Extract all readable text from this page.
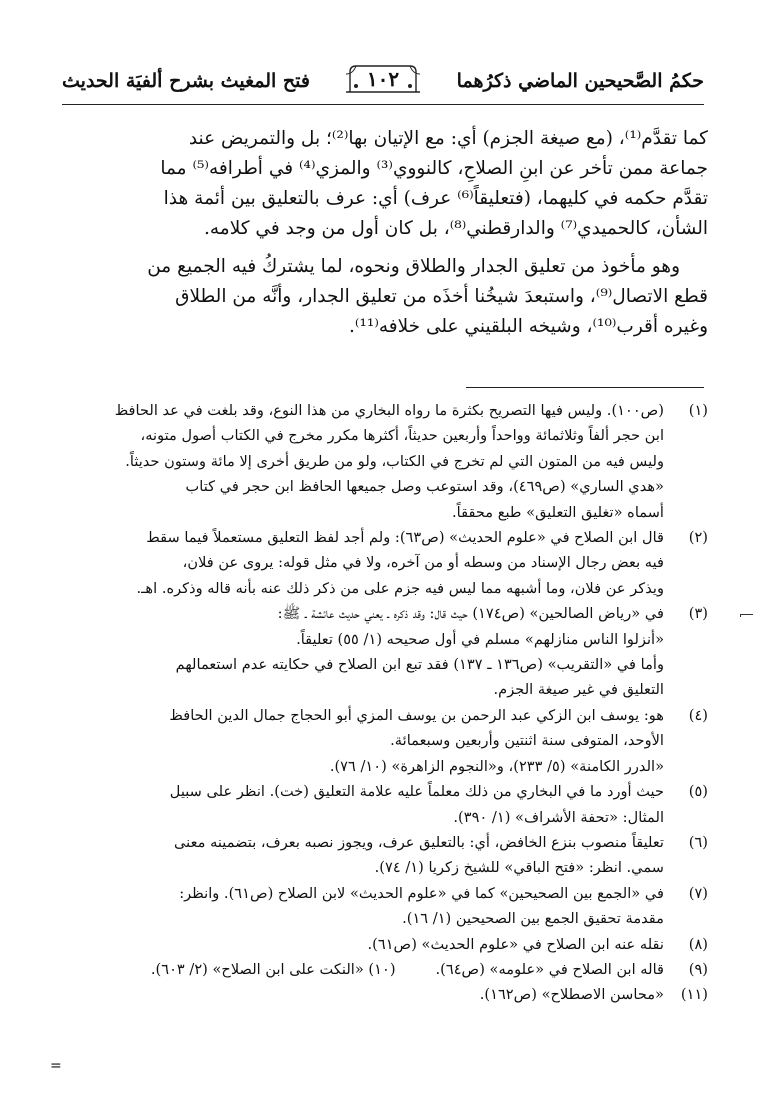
حكمُ الصَّحيحين الماضي ذكرُهما
١٠٢
فتح المغيث بشرح ألفيَة الحديث

كما تقدَّم⁽¹⁾، (مع صيغة الجزم) أي: مع الإتيان بها⁽²⁾؛ بل والتمريض عند

جماعة ممن تأخر عن ابنِ الصلاحِ، كالنووي⁽³⁾ والمزي⁽⁴⁾ في أطرافه⁽⁵⁾ مما

تقدَّم حكمه في كليهما، (فتعليقاً⁽⁶⁾ عرف) أي: عرف بالتعليق بين أئمة هذا

الشأن، كالحميدي⁽⁷⁾ والدارقطني⁽⁸⁾، بل كان أول من وجد في كلامه.

وهو مأخوذ من تعليق الجدار والطلاق ونحوه، لما يشتركُ فيه الجميع من

قطع الاتصال⁽⁹⁾، واستبعدَ شيخُنا أخذَه من تعليق الجدار، وأنَّه من الطلاق

وغيره أقرب⁽¹⁰⁾، وشيخه البلقيني على خلافه⁽¹¹⁾.

(١)
(ص١٠٠). وليس فيها التصريح بكثرة ما رواه البخاري من هذا النوع، وقد بلغت في عد الحافظ
ابن حجر ألفاً وثلاثمائة وواحداً وأربعين حديثاً، أكثرها مكرر مخرج في الكتاب أصول متونه،
وليس فيه من المتون التي لم تخرج في الكتاب، ولو من طريق أخرى إلا مائة وستون حديثاً.
«هدي الساري» (ص٤٦٩)، وقد استوعب وصل جميعها الحافظ ابن حجر في كتاب
أسماه «تغليق التعليق» طبع محققاً.
(٢)
قال ابن الصلاح في «علوم الحديث» (ص٦٣): ولم أجد لفظ التعليق مستعملاً فيما سقط
فيه بعض رجال الإسناد من وسطه أو من آخره، ولا في مثل قوله: يروى عن فلان،
ويذكر عن فلان، وما أشبهه مما ليس فيه جزم على من ذكر ذلك عنه بأنه قاله وذكره. اهـ.
(٣)
في «رياض الصالحين» (ص١٧٤) حيث قال: وقد ذكره ـ يعني حديث عائشة ـ ﷺ:
«أنزلوا الناس منازلهم» مسلم في أول صحيحه (١/ ٥٥) تعليقاً.
وأما في «التقريب» (ص١٣٦ ـ ١٣٧) فقد تبع ابن الصلاح في حكايته عدم استعمالهم
التعليق في غير صيغة الجزم.
(٤)
هو: يوسف ابن الزكي عبد الرحمن بن يوسف المزي أبو الحجاج جمال الدين الحافظ
الأوحد، المتوفى سنة اثنتين وأربعين وسبعمائة.
«الدرر الكامنة» (٥/ ٢٣٣)، و«النجوم الزاهرة» (١٠/ ٧٦).
(٥)
حيث أورد ما في البخاري من ذلك معلماً عليه علامة التعليق (خت). انظر على سبيل
المثال: «تحفة الأشراف» (١/ ٣٩٠).
(٦)
تعليقاً منصوب بنزع الخافض، أي: بالتعليق عرف، ويجوز نصبه بعرف، بتضمينه معنى
سمي. انظر: «فتح الباقي» للشيخ زكريا (١/ ٧٤).
(٧)
في «الجمع بين الصحيحين» كما في «علوم الحديث» لابن الصلاح (ص٦١). وانظر:
مقدمة تحقيق الجمع بين الصحيحين (١/ ١٦).
(٨)
نقله عنه ابن الصلاح في «علوم الحديث» (ص٦١).
(٩)
قاله ابن الصلاح في «علومه» (ص٦٤).
(١٠) «النكت على ابن الصلاح» (٢/ ٦٠٣).
(١١)
«محاسن الاصطلاح» (ص١٦٢).
=
